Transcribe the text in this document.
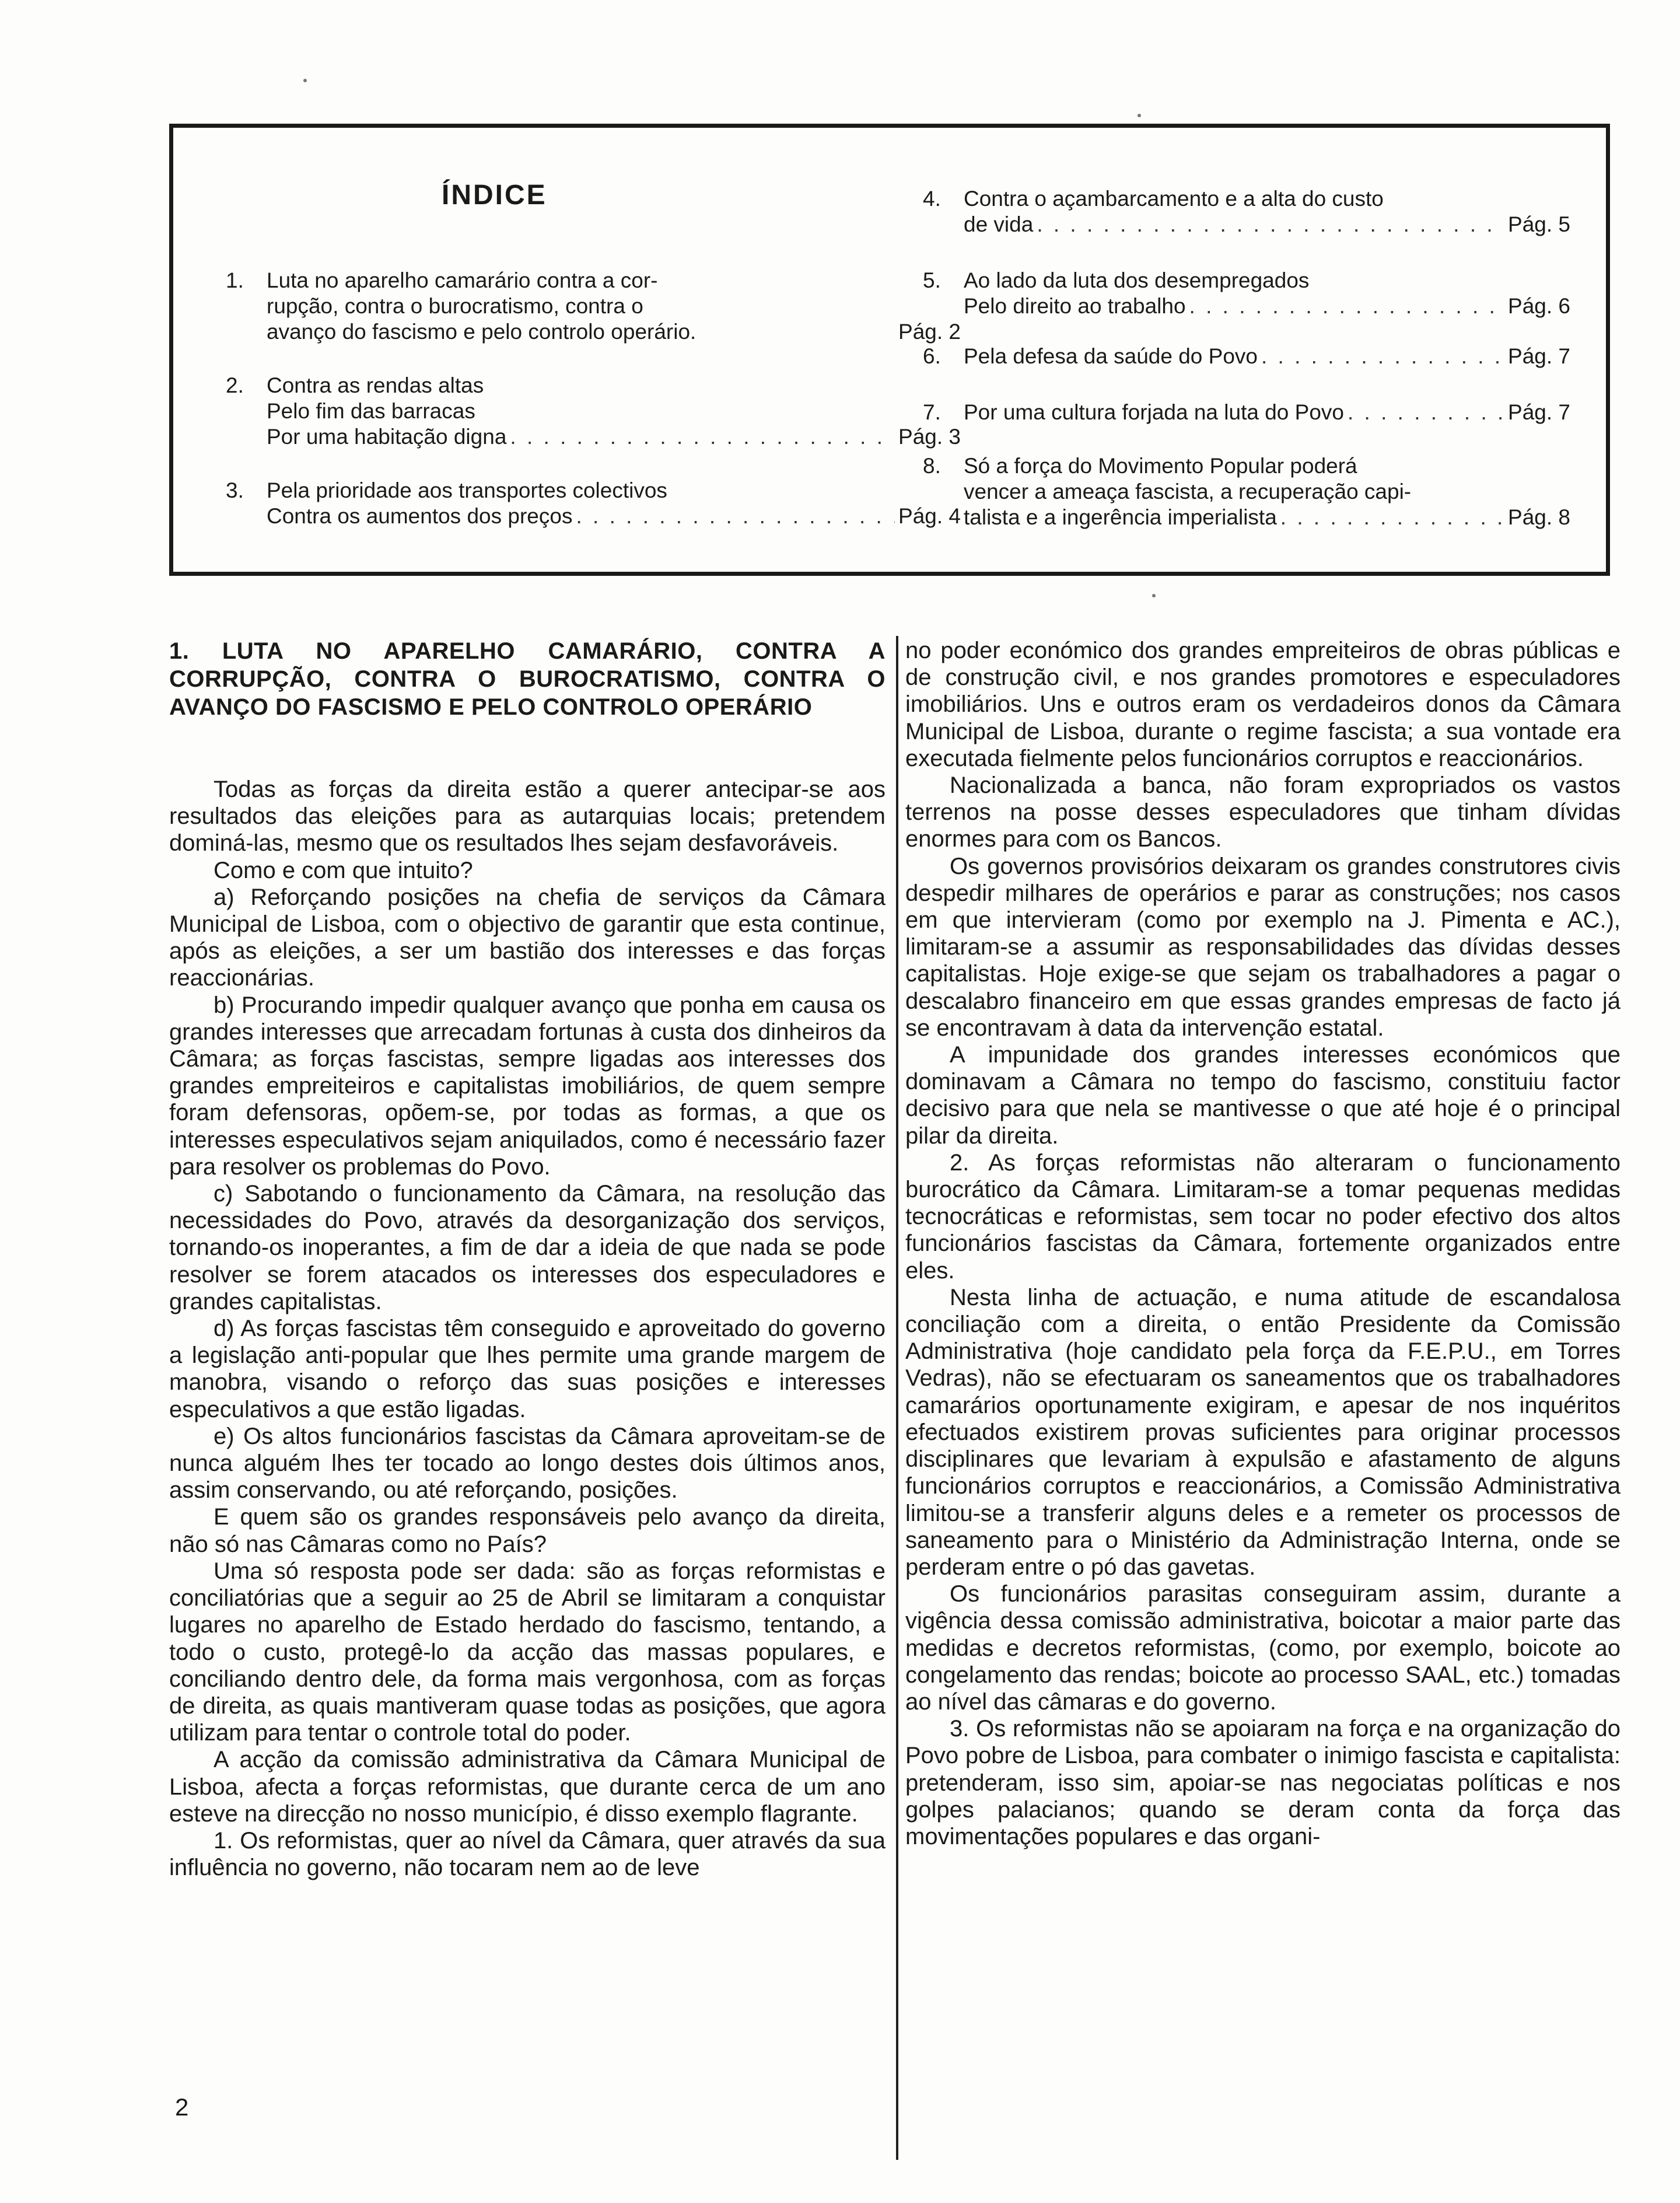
ÍNDICE
1. Luta no aparelho camarário contra a cor-
rupção, contra o burocratismo, contra o
avanço do fascismo e pelo controlo operário.	Pág. 2
2. Contra as rendas altas
Pelo fim das barracas
Por uma habitação digna . . .	Pág. 3
3. Pela prioridade aos transportes colectivos
Contra os aumentos dos preços . . .	Pág. 4
4. Contra o açambarcamento e a alta do custo
de vida . . .	Pág. 5
5. Ao lado da luta dos desempregados
Pelo direito ao trabalho . . .	Pág. 6
6. Pela defesa da saúde do Povo . . .	Pág. 7
7. Por uma cultura forjada na luta do Povo . . .	Pág. 7
8. Só a força do Movimento Popular poderá
vencer a ameaça fascista, a recuperação capi-
talista e a ingerência imperialista . . .	Pág. 8
1. LUTA NO APARELHO CAMARÁRIO, CONTRA A CORRUPÇÃO, CONTRA O BUROCRATISMO, CONTRA O AVANÇO DO FASCISMO E PELO CONTROLO OPERÁRIO

Todas as forças da direita estão a querer antecipar-se aos resultados das eleições para as autarquias locais; pretendem dominá-las, mesmo que os resultados lhes sejam desfavoráveis.

Como e com que intuito?

a) Reforçando posições na chefia de serviços da Câmara Municipal de Lisboa, com o objectivo de garantir que esta continue, após as eleições, a ser um bastião dos interesses e das forças reaccionárias.

b) Procurando impedir qualquer avanço que ponha em causa os grandes interesses que arrecadam fortunas à custa dos dinheiros da Câmara; as forças fascistas, sempre ligadas aos interesses dos grandes empreiteiros e capitalistas imobiliários, de quem sempre foram defensoras, opõem-se, por todas as formas, a que os interesses especulativos sejam aniquilados, como é necessário fazer para resolver os problemas do Povo.

c) Sabotando o funcionamento da Câmara, na resolução das necessidades do Povo, através da desorganização dos serviços, tornando-os inoperantes, a fim de dar a ideia de que nada se pode resolver se forem atacados os interesses dos especuladores e grandes capitalistas.

d) As forças fascistas têm conseguido e aproveitado do governo a legislação anti-popular que lhes permite uma grande margem de manobra, visando o reforço das suas posições e interesses especulativos a que estão ligadas.

e) Os altos funcionários fascistas da Câmara aproveitam-se de nunca alguém lhes ter tocado ao longo destes dois últimos anos, assim conservando, ou até reforçando, posições.

E quem são os grandes responsáveis pelo avanço da direita, não só nas Câmaras como no País?

Uma só resposta pode ser dada: são as forças reformistas e conciliatórias que a seguir ao 25 de Abril se limitaram a conquistar lugares no aparelho de Estado herdado do fascismo, tentando, a todo o custo, protegê-lo da acção das massas populares, e conciliando dentro dele, da forma mais vergonhosa, com as forças de direita, as quais mantiveram quase todas as posições, que agora utilizam para tentar o controle total do poder.

A acção da comissão administrativa da Câmara Municipal de Lisboa, afecta a forças reformistas, que durante cerca de um ano esteve na direcção no nosso município, é disso exemplo flagrante.

1. Os reformistas, quer ao nível da Câmara, quer através da sua influência no governo, não tocaram nem ao de leve

no poder económico dos grandes empreiteiros de obras públicas e de construção civil, e nos grandes promotores e especuladores imobiliários. Uns e outros eram os verdadeiros donos da Câmara Municipal de Lisboa, durante o regime fascista; a sua vontade era executada fielmente pelos funcionários corruptos e reaccionários.

Nacionalizada a banca, não foram expropriados os vastos terrenos na posse desses especuladores que tinham dívidas enormes para com os Bancos.

Os governos provisórios deixaram os grandes construtores civis despedir milhares de operários e parar as construções; nos casos em que intervieram (como por exemplo na J. Pimenta e AC.), limitaram-se a assumir as responsabilidades das dívidas desses capitalistas. Hoje exige-se que sejam os trabalhadores a pagar o descalabro financeiro em que essas grandes empresas de facto já se encontravam à data da intervenção estatal.

A impunidade dos grandes interesses económicos que dominavam a Câmara no tempo do fascismo, constituiu factor decisivo para que nela se mantivesse o que até hoje é o principal pilar da direita.

2. As forças reformistas não alteraram o funcionamento burocrático da Câmara. Limitaram-se a tomar pequenas medidas tecnocráticas e reformistas, sem tocar no poder efectivo dos altos funcionários fascistas da Câmara, fortemente organizados entre eles.

Nesta linha de actuação, e numa atitude de escandalosa conciliação com a direita, o então Presidente da Comissão Administrativa (hoje candidato pela força da F.E.P.U., em Torres Vedras), não se efectuaram os saneamentos que os trabalhadores camarários oportunamente exigiram, e apesar de nos inquéritos efectuados existirem provas suficientes para originar processos disciplinares que levariam à expulsão e afastamento de alguns funcionários corruptos e reaccionários, a Comissão Administrativa limitou-se a transferir alguns deles e a remeter os processos de saneamento para o Ministério da Administração Interna, onde se perderam entre o pó das gavetas.

Os funcionários parasitas conseguiram assim, durante a vigência dessa comissão administrativa, boicotar a maior parte das medidas e decretos reformistas, (como, por exemplo, boicote ao congelamento das rendas; boicote ao processo SAAL, etc.) tomadas ao nível das câmaras e do governo.

3. Os reformistas não se apoiaram na força e na organização do Povo pobre de Lisboa, para combater o inimigo fascista e capitalista: pretenderam, isso sim, apoiar-se nas negociatas políticas e nos golpes palacianos; quando se deram conta da força das movimentações populares e das organi-

2
